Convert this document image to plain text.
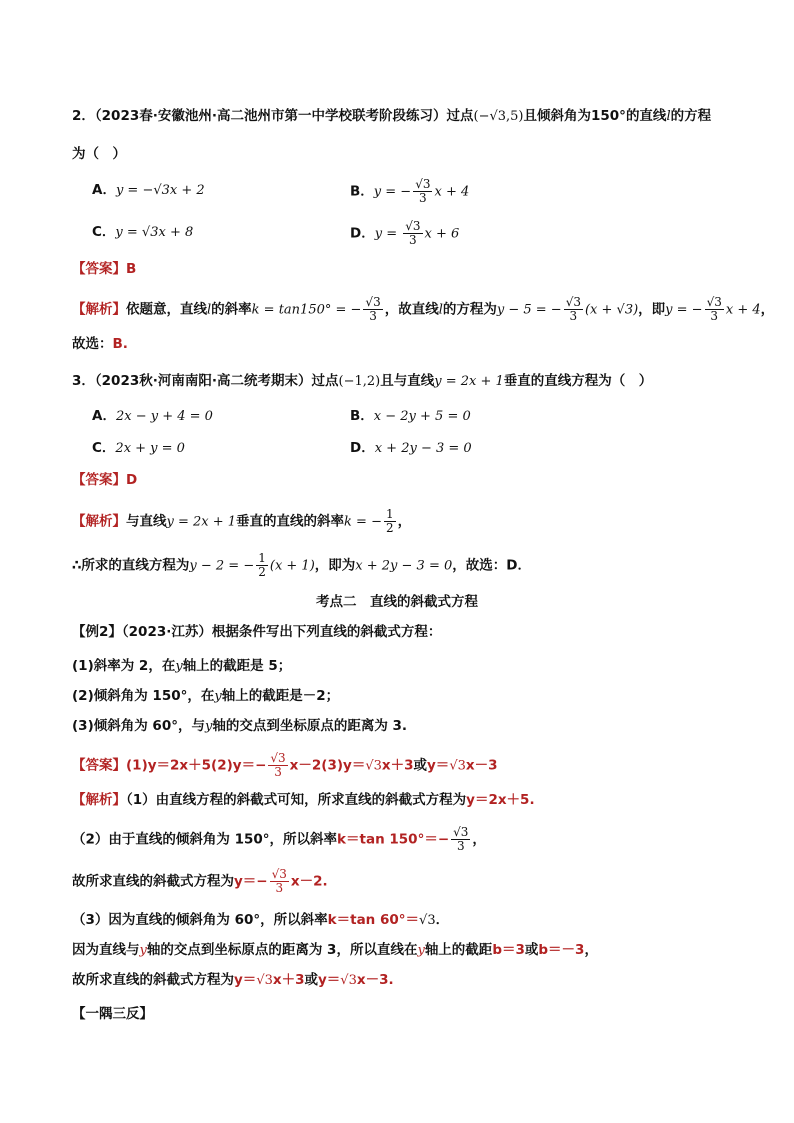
2．（2023春·安徽池州·高二池州市第一中学校联考阶段练习）过点(−√3,5)且倾斜角为150°的直线l的方程
为（　）
A．y = −√3x + 2	B．y = − $\frac{√3}{3}$ x + 4
C．y = √3x + 8	D．$y = \frac{√3}{3}$ x + 6
【答案】B
【解析】依题意，直线l的斜率k = tan150° = − $\frac{√3}{3}$ ，故直线l的方程为y − 5 = − $\frac{√3}{3} (x + √3)$，即y = − $\frac{√3}{3}$ x + 4，
故选：B.
3．（2023秋·河南南阳·高二统考期末）过点(−1,2)且与直线y = 2x + 1垂直的直线方程为（　）
A．2x − y + 4 = 0	B．x − 2y + 5 = 0
C．2x + y = 0	D．x + 2y − 3 = 0
【答案】D
【解析】与直线y = 2x + 1垂直的直线的斜率k = − $\frac{1}{2}$ ，
∴所求的直线方程为y − 2 = − $\frac{1}{2} (x + 1)$，即为x + 2y − 3 = 0，故选：D．
考点二　直线的斜截式方程
【例2】（2023·江苏）根据条件写出下列直线的斜截式方程：
(1)斜率为 2，在y轴上的截距是 5；
(2)倾斜角为 150°，在y轴上的截距是－2；
(3)倾斜角为 60°，与y轴的交点到坐标原点的距离为 3.
【答案】$(1)y=2x+5(2)y=- \frac{√3}{3} x-2(3)y=√3x+3$或y＝√3x－3
【解析】（1）由直线方程的斜截式可知，所求直线的斜截式方程为y＝2x＋5.
（2）由于直线的倾斜角为 150°，所以斜率k＝tan $150^\circ=- \frac{√3}{3}$ ，
故所求直线的斜截式方程为$y=- \frac{√3}{3} x-2$.
（3）因为直线的倾斜角为 60°，所以斜率k＝tan 60°＝√3．
因为直线与y轴的交点到坐标原点的距离为 3，所以直线在y轴上的截距b＝3或b＝－3，
故所求直线的斜截式方程为y＝√3x＋3或y＝√3x－3.
【一隅三反】
